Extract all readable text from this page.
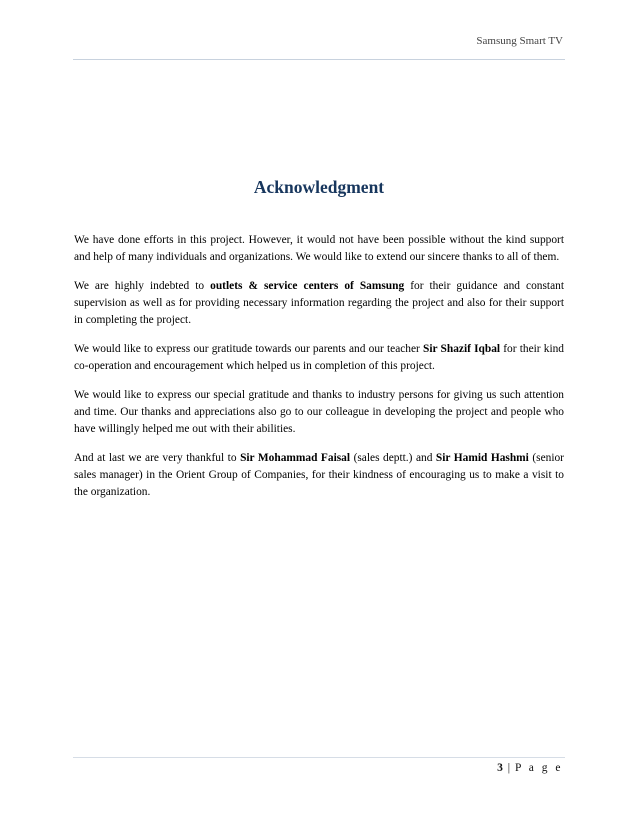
Samsung Smart TV
Acknowledgment

We have done efforts in this project. However, it would not have been possible without the kind support and help of many individuals and organizations. We would like to extend our sincere thanks to all of them.

We are highly indebted to outlets & service centers of Samsung for their guidance and constant supervision as well as for providing necessary information regarding the project and also for their support in completing the project.

We would like to express our gratitude towards our parents and our teacher Sir Shazif Iqbal for their kind co-operation and encouragement which helped us in completion of this project.

We would like to express our special gratitude and thanks to industry persons for giving us such attention and time. Our thanks and appreciations also go to our colleague in developing the project and people who have willingly helped me out with their abilities.

And at last we are very thankful to Sir Mohammad Faisal (sales deptt.) and Sir Hamid Hashmi (senior sales manager) in the Orient Group of Companies, for their kindness of encouraging us to make a visit to the organization.

3 | P a g e
